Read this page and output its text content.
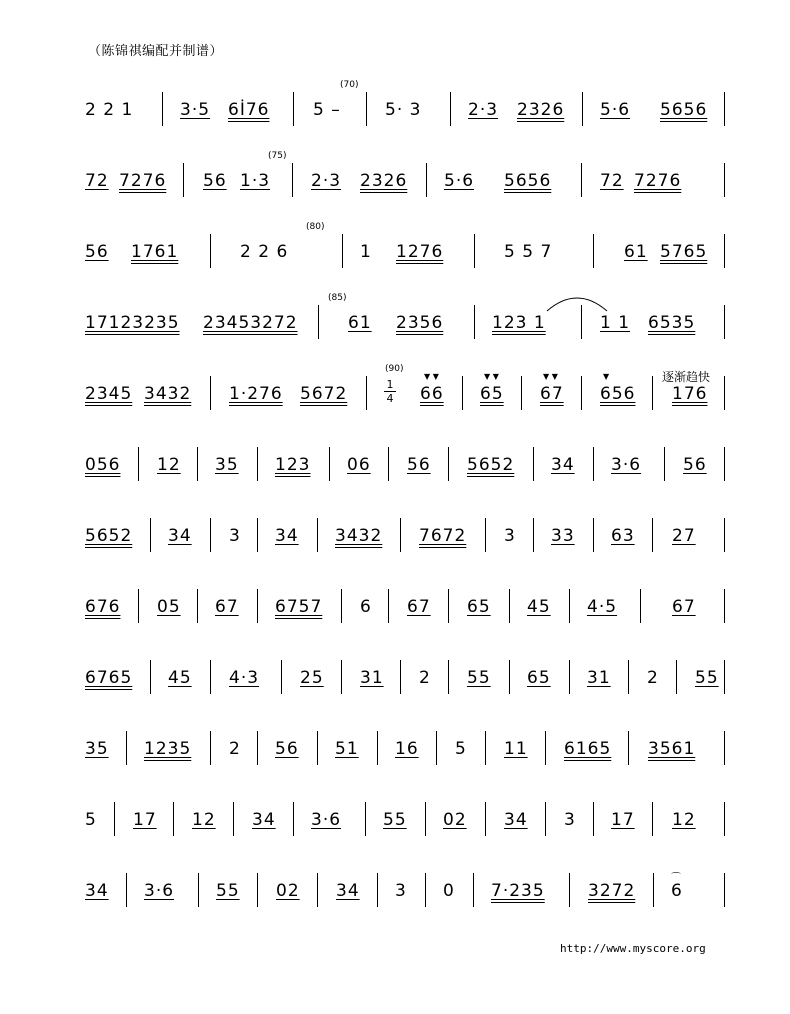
（陈锦祺编配并制谱）
2 2 1	3·5 6İ76
(70)
5 –	5· 3	2·3 2326 5·6 5656
72 7276 56
(75)
1·3 2·3 2326 5·6 5656	72 7276
56 1761	2 2 6
(80)
1 1276	5 5 7	61 5765
17123235 23453272
(85)
61 2356	123 1	1 1 6535
2345 3432 1·276 5672
(90)
$\frac{1}{4}$
▼ ▼
66
▼ ▼
65
▼ ▼
67
▼
656
逐渐趋快
176
056 12 35 123 06 56 5652 34 3·6 56
5652 34 3 34 3432 7672 3 33 63 27
676 05 67 6757 6 67 65 45 4·5	67
6765 45 4·3 25 31 2 55 65 31 2 55
35 1235 2 56 51 16 5 11 6165 3561
5 17 12 34 3·6 55 02 34 3 17 12
34 3·6 55 02 34 3 0 7·235	3272
⌒
6
http://www.myscore.org
